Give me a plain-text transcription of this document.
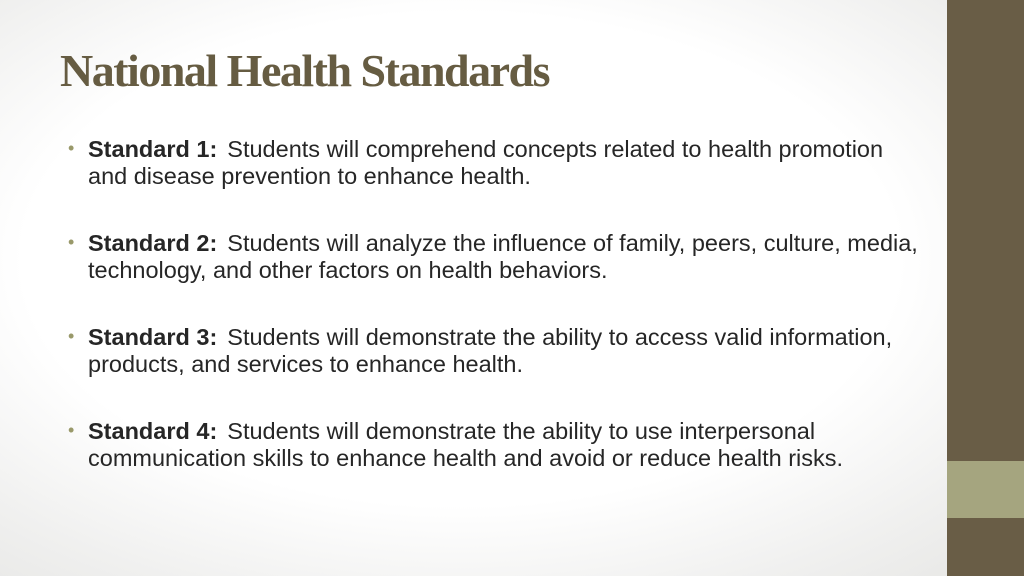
National Health Standards
• Standard 1: Students will comprehend concepts related to health promotion and disease prevention to enhance health.
• Standard 2: Students will analyze the influence of family, peers, culture, media, technology, and other factors on health behaviors.
• Standard 3: Students will demonstrate the ability to access valid information, products, and services to enhance health.
• Standard 4: Students will demonstrate the ability to use interpersonal communication skills to enhance health and avoid or reduce health risks.
